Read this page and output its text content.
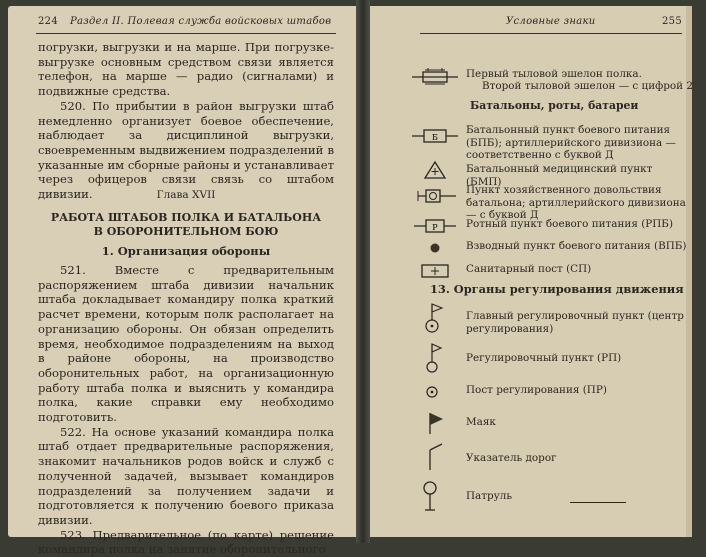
224 Раздел II. Полевая служба войсковых штабов

погрузки, выгрузки и на марше. При погрузке-выгрузке основным средством связи является телефон, на марше — радио (сигналами) и подвижные средства.

520. По прибытии в район выгрузки штаб немедленно организует боевое обеспечение, наблюдает за дисциплиной выгрузки, своевременным выдвижением подразделений в указанные им сборные районы и устанавливает через офицеров связи связь со штабом дивизии.	Глава XVII
РАБОТА ШТАБОВ ПОЛКА И БАТАЛЬОНА
В ОБОРОНИТЕЛЬНОМ БОЮ
1. Организация обороны

521. Вместе с предварительным распоряжением штаба дивизии начальник штаба докладывает командиру полка краткий расчет времени, которым полк располагает на организацию обороны. Он обязан определить время, необходимое подразделениям на выход в районе обороны, на производство оборонительных работ, на организационную работу штаба полка и выяснить у командира полка, какие справки ему необходимо подготовить.

522. На основе указаний командира полка штаб отдает предварительные распоряжения, знакомит начальников родов войск и служб с полученной задачей, вызывает командиров подразделений за получением задачи и подготовляется к получению боевого приказа дивизии.

523. Предварительное (по карте) решение командира полка на занятие оборонительного

Условные знаки	255
Первый тыловой эшелон полка.
Второй тыловой эшелон — с цифрой 2
Батальоны, роты, батареи
Б
Батальонный пункт боевого питания (БПБ); артиллерийского дивизиона — соответственно с буквой Д
Батальонный медицинский пункт (БМП)
Пункт хозяйственного довольствия батальона; артиллерийского дивизиона — с буквой Д
Р	Ротный пункт боевого питания (РПБ)
Взводный пункт боевого питания (ВПБ)
Санитарный пост (СП)
13. Органы регулирования движения
Главный регулировочный пункт (центр регулирования)
Регулировочный пункт (РП)
Пост регулирования (ПР)
Маяк
Указатель дорог
Патруль
